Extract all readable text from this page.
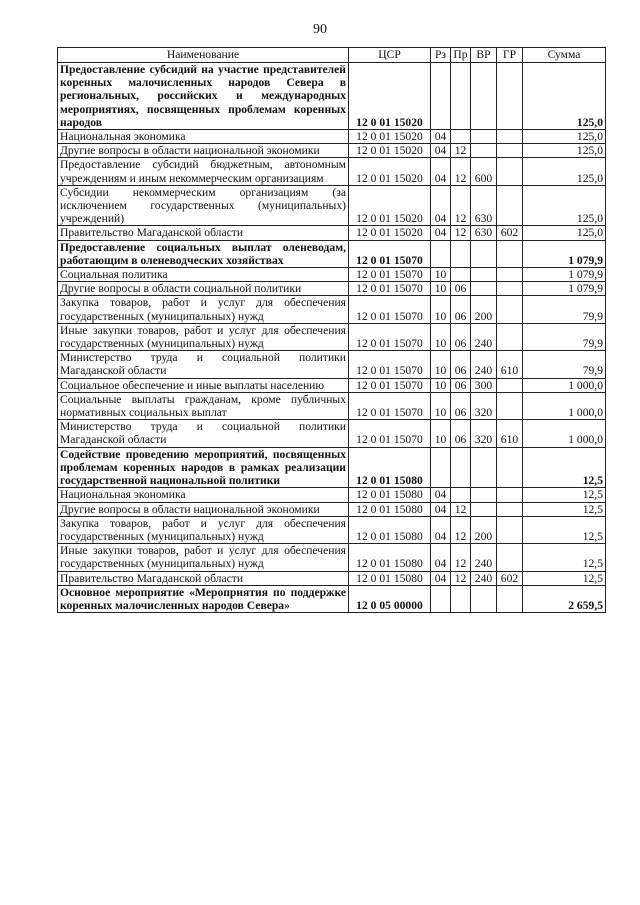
90
Наименование	ЦСР	Рз	Пр	ВР	ГР	Сумма
Предоставление субсидий на участие представителей коренных малочисленных народов Севера в региональных, российских и международных мероприятиях, посвященных проблемам коренных народов	12 0 01 15020					125,0
Национальная экономика	12 0 01 15020	04				125,0
Другие вопросы в области национальной экономики	12 0 01 15020	04	12			125,0
Предоставление субсидий бюджетным, автономным учреждениям и иным некоммерческим организациям	12 0 01 15020	04	12	600		125,0
Субсидии некоммерческим организациям (за исключением государственных (муниципальных) учреждений)	12 0 01 15020	04	12	630		125,0
Правительство Магаданской области	12 0 01 15020	04	12	630	602	125,0
Предоставление социальных выплат оленеводам, работающим в оленеводческих хозяйствах	12 0 01 15070					1 079,9
Социальная политика	12 0 01 15070	10				1 079,9
Другие вопросы в области социальной политики	12 0 01 15070	10	06			1 079,9
Закупка товаров, работ и услуг для обеспечения государственных (муниципальных) нужд	12 0 01 15070	10	06	200		79,9
Иные закупки товаров, работ и услуг для обеспечения государственных (муниципальных) нужд	12 0 01 15070	10	06	240		79,9
Министерство труда и социальной политики Магаданской области	12 0 01 15070	10	06	240	610	79,9
Социальное обеспечение и иные выплаты населению	12 0 01 15070	10	06	300		1 000,0
Социальные выплаты гражданам, кроме публичных нормативных социальных выплат	12 0 01 15070	10	06	320		1 000,0
Министерство труда и социальной политики Магаданской области	12 0 01 15070	10	06	320	610	1 000,0
Содействие проведению мероприятий, посвященных проблемам коренных народов в рамках реализации государственной национальной политики	12 0 01 15080					12,5
Национальная экономика	12 0 01 15080	04				12,5
Другие вопросы в области национальной экономики	12 0 01 15080	04	12			12,5
Закупка товаров, работ и услуг для обеспечения государственных (муниципальных) нужд	12 0 01 15080	04	12	200		12,5
Иные закупки товаров, работ и услуг для обеспечения государственных (муниципальных) нужд	12 0 01 15080	04	12	240		12,5
Правительство Магаданской области	12 0 01 15080	04	12	240	602	12,5
Основное мероприятие «Мероприятия по поддержке коренных малочисленных народов Севера»	12 0 05 00000					2 659,5
